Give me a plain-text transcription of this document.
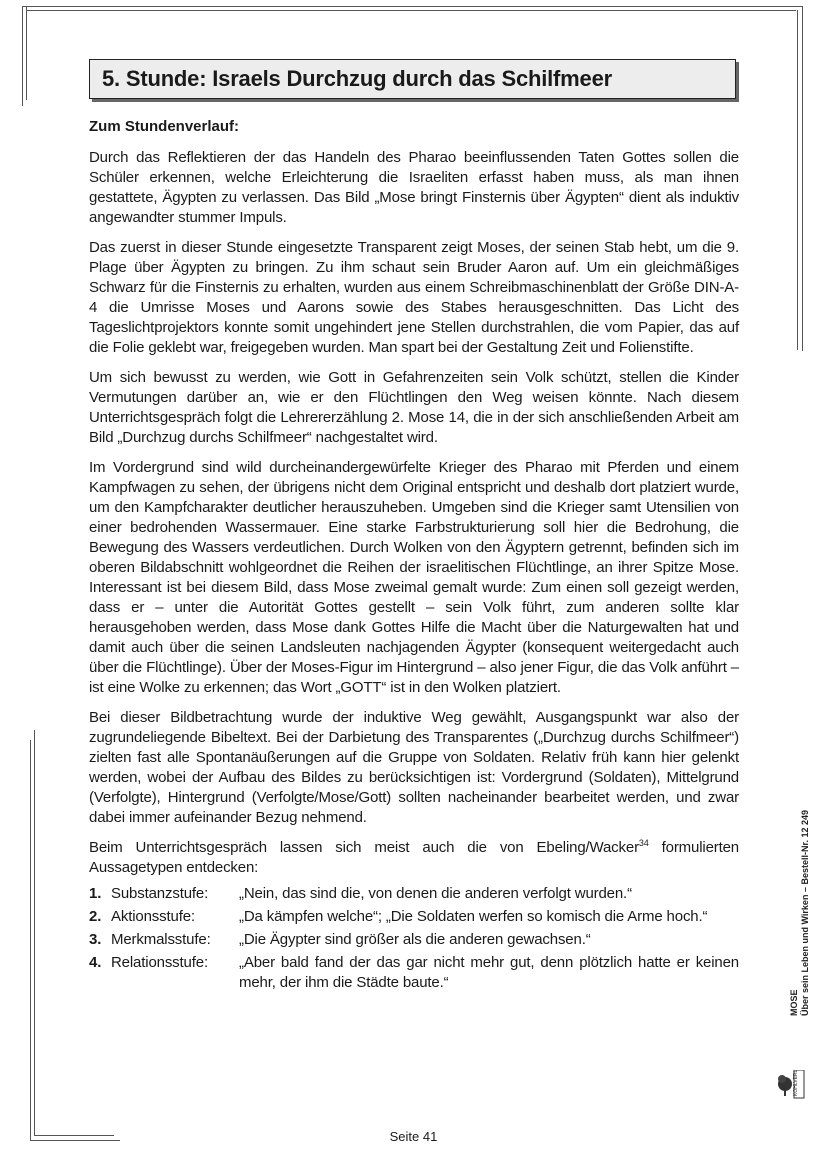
5. Stunde: Israels Durchzug durch das Schilfmeer
Zum Stundenverlauf:

Durch das Reflektieren der das Handeln des Pharao beeinflussenden Taten Gottes sollen die Schüler erkennen, welche Erleichterung die Israeliten erfasst haben muss, als man ihnen gestattete, Ägypten zu verlassen. Das Bild „Mose bringt Finsternis über Ägypten“ dient als induktiv angewandter stummer Impuls.

Das zuerst in dieser Stunde eingesetzte Transparent zeigt Moses, der seinen Stab hebt, um die 9. Plage über Ägypten zu bringen. Zu ihm schaut sein Bruder Aaron auf. Um ein gleichmäßiges Schwarz für die Finsternis zu erhalten, wurden aus einem Schreibmaschinenblatt der Größe DIN-A-4 die Umrisse Moses und Aarons sowie des Stabes herausgeschnitten. Das Licht des Tageslichtprojektors konnte somit ungehindert jene Stellen durchstrahlen, die vom Papier, das auf die Folie geklebt war, freigegeben wurden. Man spart bei der Gestaltung Zeit und Folienstifte.

Um sich bewusst zu werden, wie Gott in Gefahrenzeiten sein Volk schützt, stellen die Kinder Vermutungen darüber an, wie er den Flüchtlingen den Weg weisen könnte. Nach diesem Unterrichtsgespräch folgt die Lehrererzählung 2. Mose 14, die in der sich anschließenden Arbeit am Bild „Durchzug durchs Schilfmeer“ nachgestaltet wird.

Im Vordergrund sind wild durcheinandergewürfelte Krieger des Pharao mit Pferden und einem Kampfwagen zu sehen, der übrigens nicht dem Original entspricht und deshalb dort platziert wurde, um den Kampfcharakter deutlicher herauszuheben. Umgeben sind die Krieger samt Utensilien von einer bedrohenden Wassermauer. Eine starke Farbstrukturierung soll hier die Bedrohung, die Bewegung des Wassers verdeutlichen. Durch Wolken von den Ägyptern getrennt, befinden sich im oberen Bildabschnitt wohlgeordnet die Reihen der israelitischen Flüchtlinge, an ihrer Spitze Mose. Interessant ist bei diesem Bild, dass Mose zweimal gemalt wurde: Zum einen soll gezeigt werden, dass er – unter die Autorität Gottes gestellt – sein Volk führt, zum anderen sollte klar herausgehoben werden, dass Mose dank Gottes Hilfe die Macht über die Naturgewalten hat und damit auch über die seinen Landsleuten nachjagenden Ägypter (konsequent weitergedacht auch über die Flüchtlinge). Über der Moses-Figur im Hintergrund – also jener Figur, die das Volk anführt – ist eine Wolke zu erkennen; das Wort „GOTT“ ist in den Wolken platziert.

Bei dieser Bildbetrachtung wurde der induktive Weg gewählt, Ausgangspunkt war also der zugrundeliegende Bibeltext. Bei der Darbietung des Transparentes („Durchzug durchs Schilfmeer“) zielten fast alle Spontanäußerungen auf die Gruppe von Soldaten. Relativ früh kann hier gelenkt werden, wobei der Aufbau des Bildes zu berücksichtigen ist: Vordergrund (Soldaten), Mittelgrund (Verfolgte), Hintergrund (Verfolgte/Mose/Gott) sollten nacheinander bearbeitet werden, und zwar dabei immer aufeinander Bezug nehmend.

Beim Unterrichtsgespräch lassen sich meist auch die von Ebeling/Wacker$^{34}$ formulierten Aussagetypen entdecken:

1. Substanzstufe:	„Nein, das sind die, von denen die anderen verfolgt wurden.“
2. Aktionsstufe:	„Da kämpfen welche“; „Die Soldaten werfen so komisch die Arme hoch.“
3. Merkmalsstufe:	„Die Ägypter sind größer als die anderen gewachsen.“
4. Relationsstufe:	„Aber bald fand der das gar nicht mehr gut, denn plötzlich hatte er keinen mehr, der ihm die Städte baute.“
MOSE Über sein Leben und Wirken – Bestell-Nr. 12 249
KOHLVERLAG
Seite 41
